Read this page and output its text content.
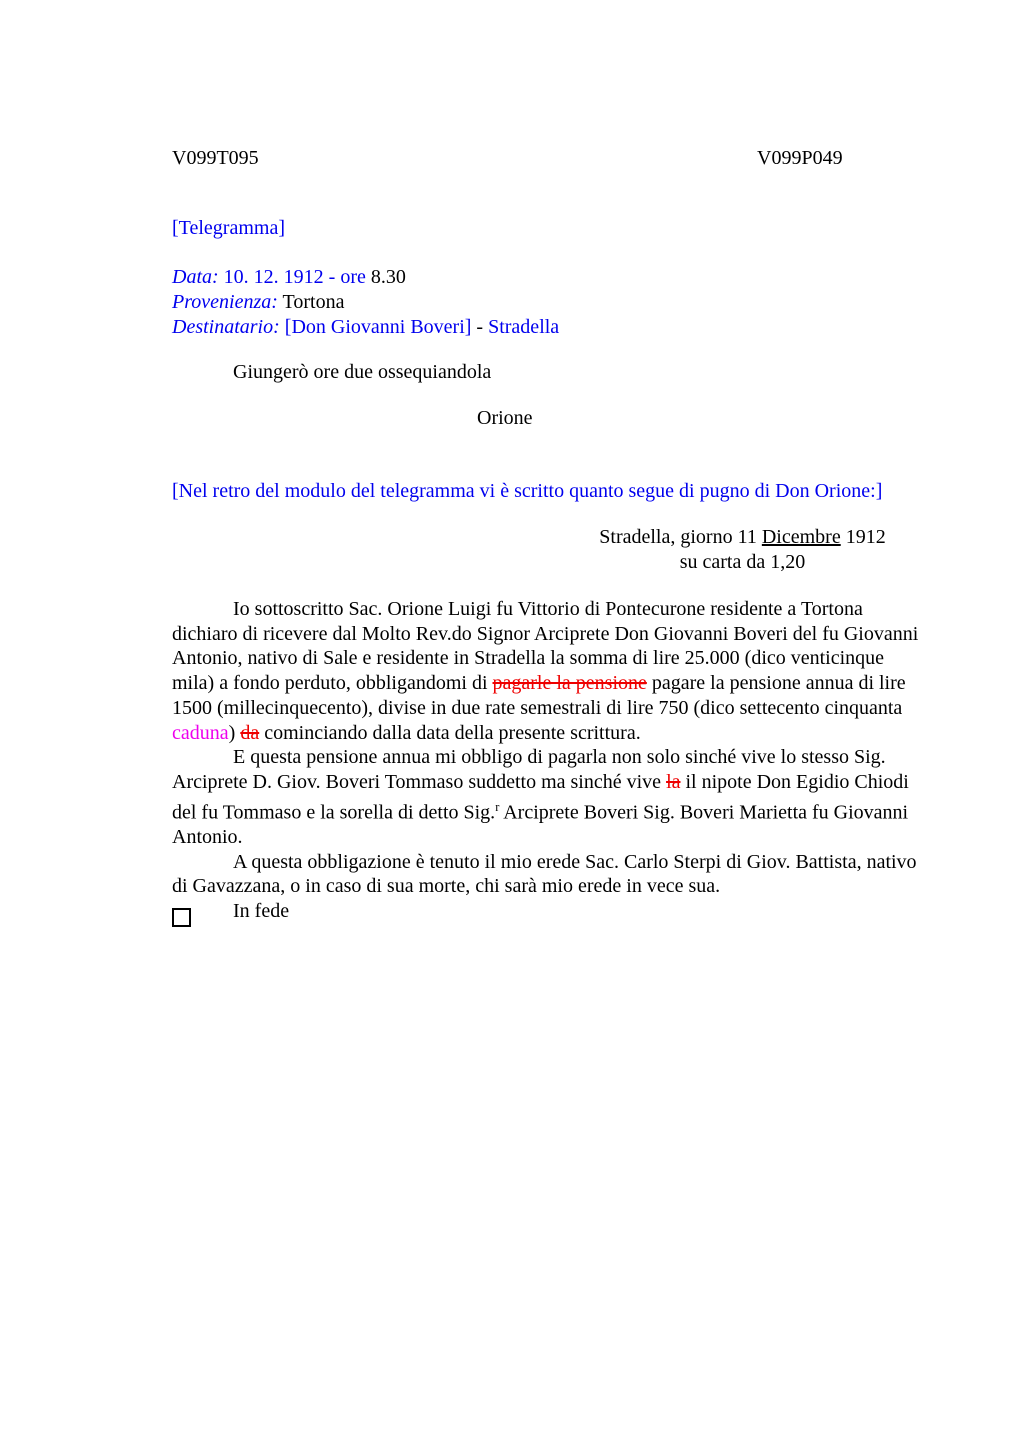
V099T095	V099P049

[Telegramma]

Data: 10. 12. 1912 - ore 8.30

Provenienza: Tortona

Destinatario: [Don Giovanni Boveri] - Stradella

Giungerò ore due ossequiandola

Orione

[Nel retro del modulo del telegramma vi è scritto quanto segue di pugno di Don Orione:]

Stradella, giorno 11 Dicembre 1912

su carta da 1,20

Io sottoscritto Sac. Orione Luigi fu Vittorio di Pontecurone residente a Tortona dichiaro di ricevere dal Molto Rev.do Signor Arciprete Don Giovanni Boveri del fu Giovanni Antonio, nativo di Sale e residente in Stradella la somma di lire 25.000 (dico venticinque mila) a fondo perduto, obbligandomi di pagarle la pensione pagare la pensione annua di lire 1500 (millecinquecento), divise in due rate semestrali di lire 750 (dico settecento cinquanta caduna) da cominciando dalla data della presente scrittura.

E questa pensione annua mi obbligo di pagarla non solo sinché vive lo stesso Sig. Arciprete D. Giov. Boveri Tommaso suddetto ma sinché vive la il nipote Don Egidio Chiodi del fu Tommaso e la sorella di detto Sig.$^r$ Arciprete Boveri Sig. Boveri Marietta fu Giovanni Antonio.

A questa obbligazione è tenuto il mio erede Sac. Carlo Sterpi di Giov. Battista, nativo di Gavazzana, o in caso di sua morte, chi sarà mio erede in vece sua.

In fede
